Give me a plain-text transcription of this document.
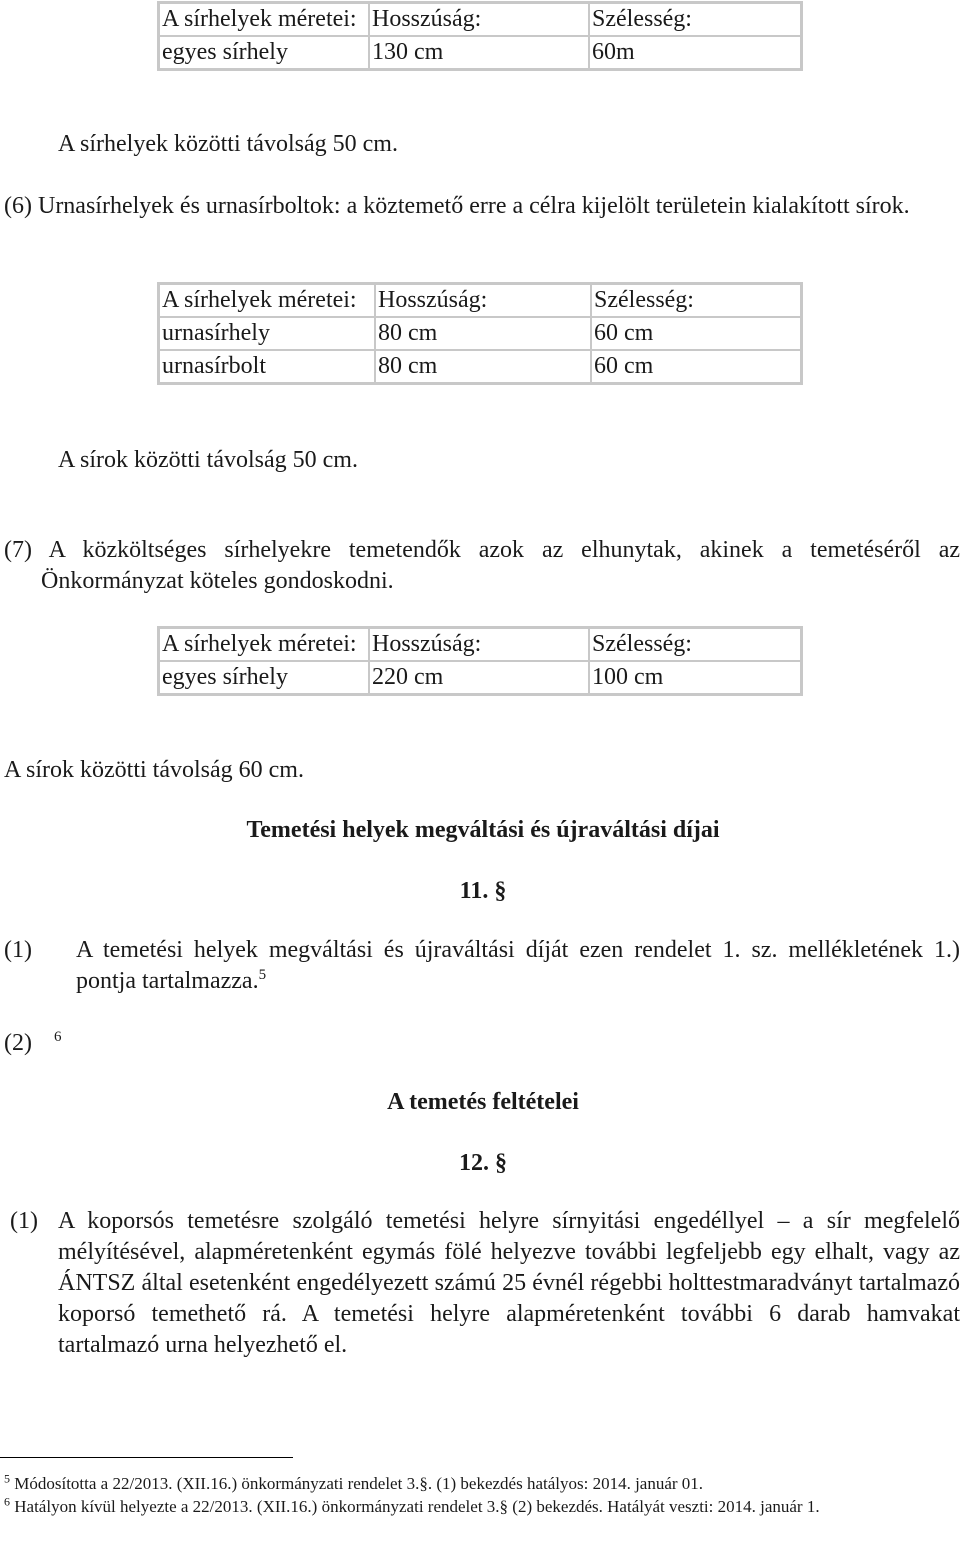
A sírhelyek méretei:	Hosszúság:	Szélesség:
egyes sírhely	130 cm	60m
A sírhelyek közötti távolság 50 cm.
(6) Urnasírhelyek és urnasírboltok: a köztemető erre a célra kijelölt területein kialakított sírok.
A sírhelyek méretei:	Hosszúság:	Szélesség:
urnasírhely	80 cm	60 cm
urnasírbolt	80 cm	60 cm
A sírok közötti távolság 50 cm.
(7) A közköltséges sírhelyekre temetendők azok az elhunytak, akinek a temetéséről az Önkormányzat köteles gondoskodni.
A sírhelyek méretei:	Hosszúság:	Szélesség:
egyes sírhely	220 cm	100 cm
A sírok közötti távolság 60 cm.
Temetési helyek megváltási és újraváltási díjai
11. §
(1) A temetési helyek megváltási és újraváltási díját ezen rendelet 1. sz. mellékletének 1.) pontja tartalmazza.$^5$
(2) $^6$
A temetés feltételei
12. §
(1) A koporsós temetésre szolgáló temetési helyre sírnyitási engedéllyel – a sír megfelelő mélyítésével, alapméretenként egymás fölé helyezve további legfeljebb egy elhalt, vagy az ÁNTSZ által esetenként engedélyezett számú 25 évnél régebbi holttestmaradványt tartalmazó koporsó temethető rá. A temetési helyre alapméretenként további 6 darab hamvakat tartalmazó urna helyezhető el.
$^5$ Módosította a 22/2013. (XII.16.) önkormányzati rendelet 3.§. (1) bekezdés hatályos: 2014. január 01.
$^6$ Hatályon kívül helyezte a 22/2013. (XII.16.) önkormányzati rendelet 3.§ (2) bekezdés. Hatályát veszti: 2014. január 1.
